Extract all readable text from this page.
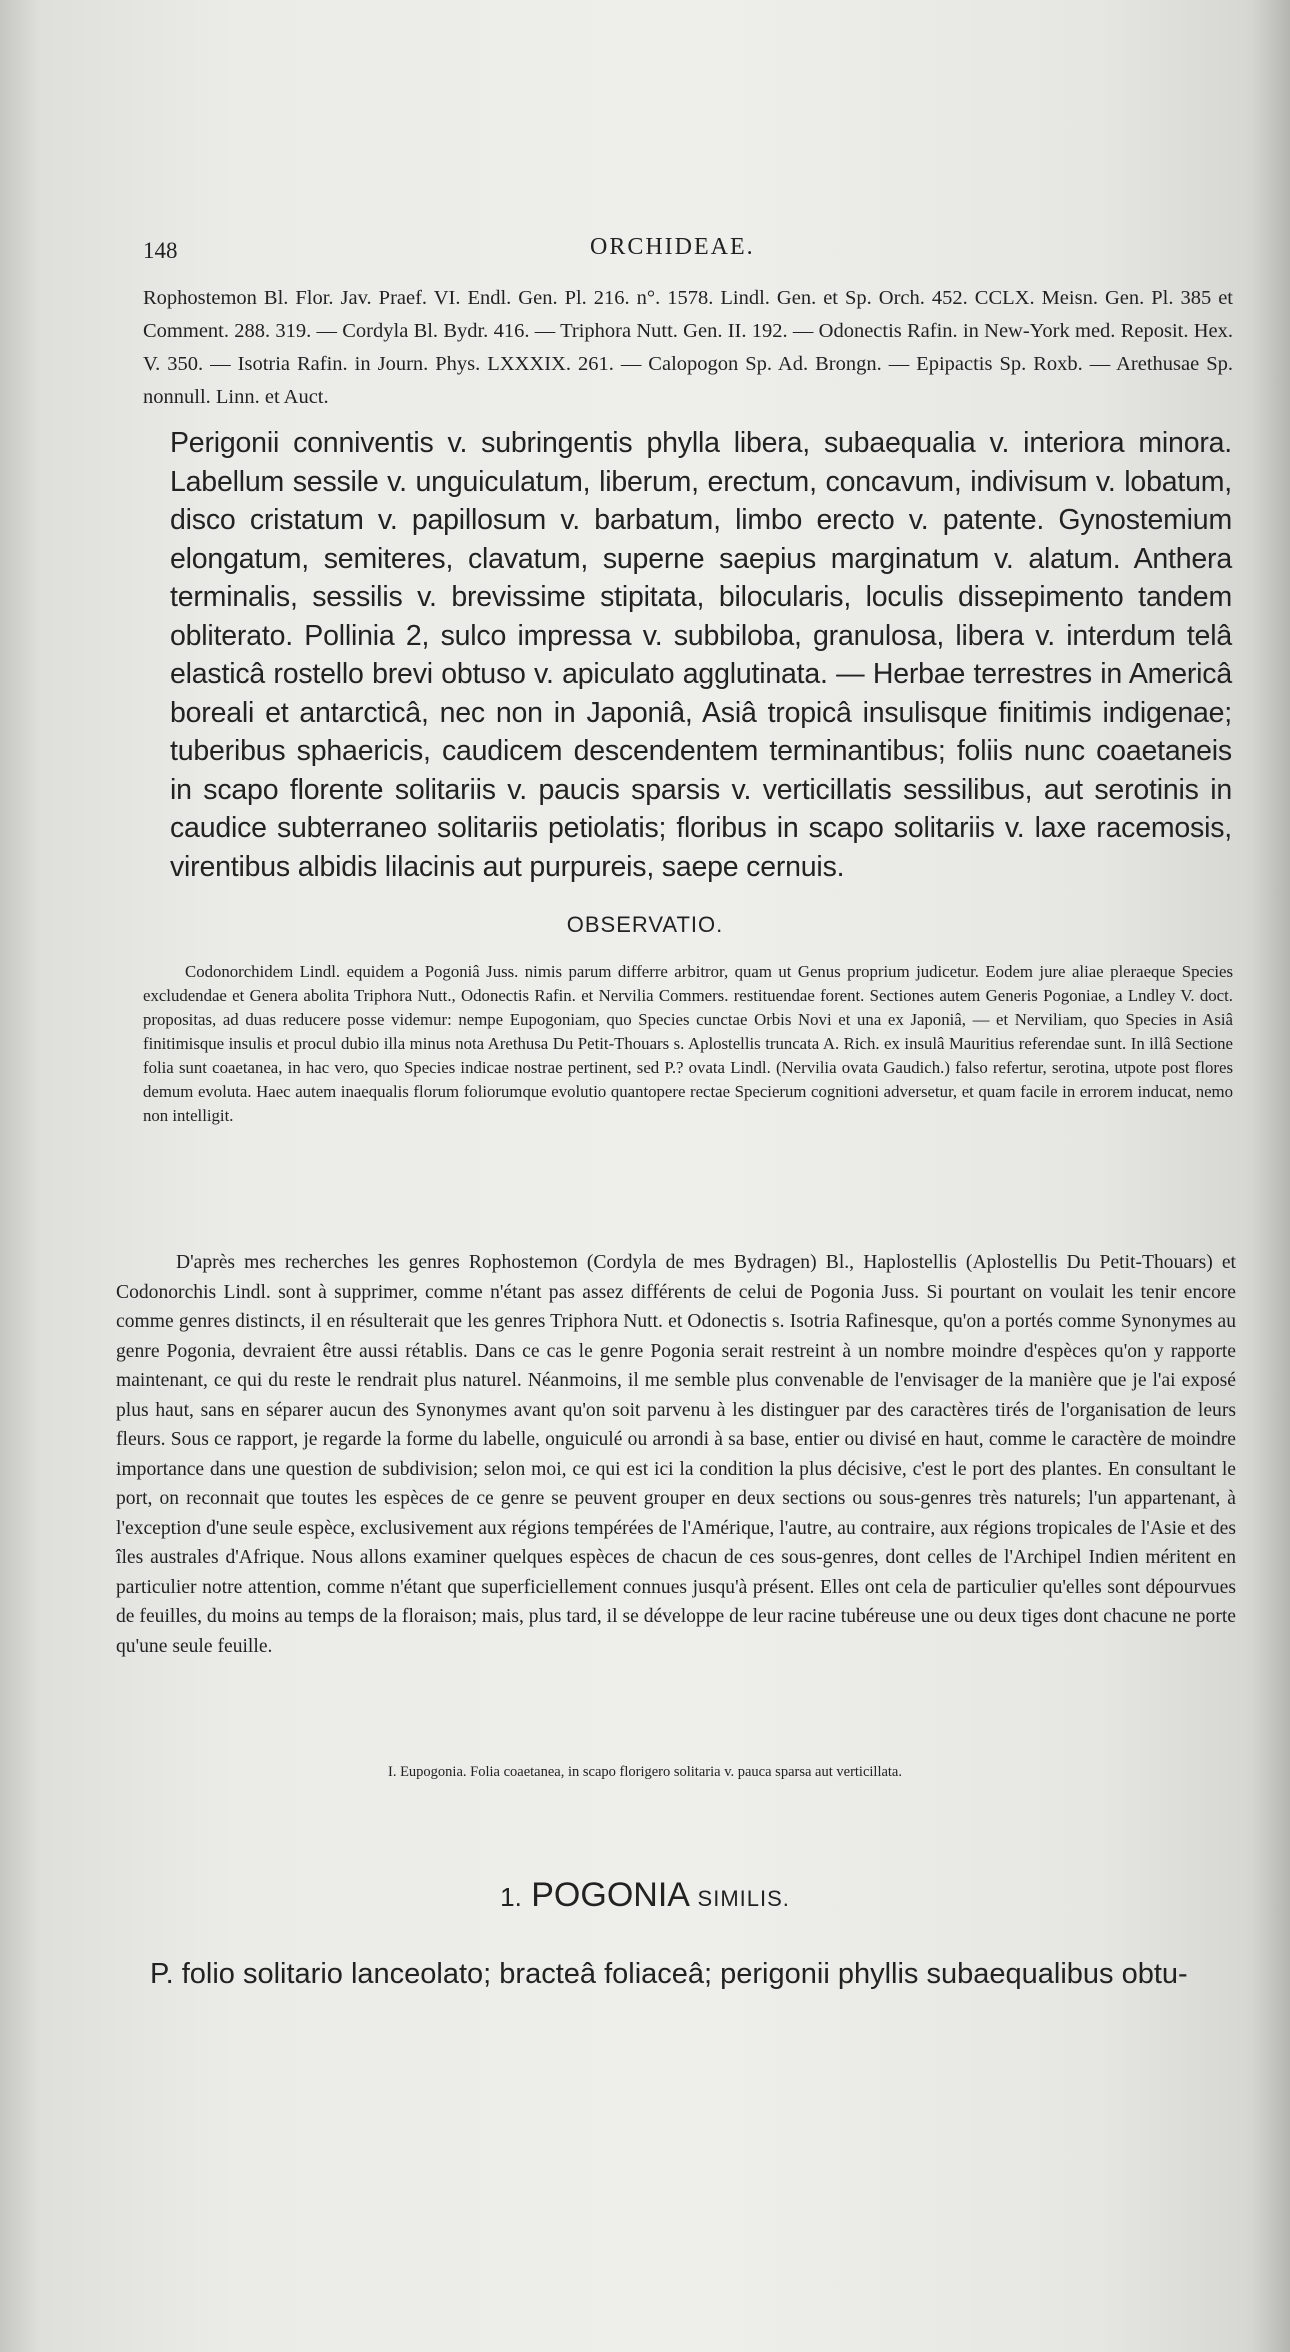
148	ORCHIDEAE.
Rophostemon Bl. Flor. Jav. Praef. VI. Endl. Gen. Pl. 216. n°. 1578. Lindl. Gen. et Sp. Orch. 452. CCLX. Meisn. Gen. Pl. 385 et Comment. 288. 319. — Cordyla Bl. Bydr. 416. — Triphora Nutt. Gen. II. 192. — Odonectis Rafin. in New-York med. Reposit. Hex. V. 350. — Isotria Rafin. in Journ. Phys. LXXXIX. 261. — Calopogon Sp. Ad. Brongn. — Epipactis Sp. Roxb. — Arethusae Sp. nonnull. Linn. et Auct.
Perigonii conniventis v. subringentis phylla libera, subaequalia v. interiora minora. Labellum sessile v. unguiculatum, liberum, erectum, concavum, indivisum v. lobatum, disco cristatum v. papillosum v. barbatum, limbo erecto v. patente. Gynostemium elongatum, semiteres, clavatum, superne saepius marginatum v. alatum. Anthera terminalis, sessilis v. brevissime stipitata, bilocularis, loculis dissepimento tandem obliterato. Pollinia 2, sulco impressa v. subbiloba, granulosa, libera v. interdum telâ elasticâ rostello brevi obtuso v. apiculato agglutinata. — Herbae terrestres in Americâ boreali et antarcticâ, nec non in Japoniâ, Asiâ tropicâ insulisque finitimis indigenae; tuberibus sphaericis, caudicem descendentem terminantibus; foliis nunc coaetaneis in scapo florente solitariis v. paucis sparsis v. verticillatis sessilibus, aut serotinis in caudice subterraneo solitariis petiolatis; floribus in scapo solitariis v. laxe racemosis, virentibus albidis lilacinis aut purpureis, saepe cernuis.
OBSERVATIO.
Codonorchidem Lindl. equidem a Pogoniâ Juss. nimis parum differre arbitror, quam ut Genus proprium judicetur. Eodem jure aliae pleraeque Species excludendae et Genera abolita Triphora Nutt., Odonectis Rafin. et Nervilia Commers. restituendae forent. Sectiones autem Generis Pogoniae, a Lndley V. doct. propositas, ad duas reducere posse videmur: nempe Eupogoniam, quo Species cunctae Orbis Novi et una ex Japoniâ, — et Nerviliam, quo Species in Asiâ finitimisque insulis et procul dubio illa minus nota Arethusa Du Petit-Thouars s. Aplostellis truncata A. Rich. ex insulâ Mauritius referendae sunt. In illâ Sectione folia sunt coaetanea, in hac vero, quo Species indicae nostrae pertinent, sed P.? ovata Lindl. (Nervilia ovata Gaudich.) falso refertur, serotina, utpote post flores demum evoluta. Haec autem inaequalis florum foliorumque evolutio quantopere rectae Specierum cognitioni adversetur, et quam facile in errorem inducat, nemo non intelligit.
D'après mes recherches les genres Rophostemon (Cordyla de mes Bydragen) Bl., Haplostellis (Aplostellis Du Petit-Thouars) et Codonorchis Lindl. sont à supprimer, comme n'étant pas assez différents de celui de Pogonia Juss. Si pourtant on voulait les tenir encore comme genres distincts, il en résulterait que les genres Triphora Nutt. et Odonectis s. Isotria Rafinesque, qu'on a portés comme Synonymes au genre Pogonia, devraient être aussi rétablis. Dans ce cas le genre Pogonia serait restreint à un nombre moindre d'espèces qu'on y rapporte maintenant, ce qui du reste le rendrait plus naturel. Néanmoins, il me semble plus convenable de l'envisager de la manière que je l'ai exposé plus haut, sans en séparer aucun des Synonymes avant qu'on soit parvenu à les distinguer par des caractères tirés de l'organisation de leurs fleurs. Sous ce rapport, je regarde la forme du labelle, onguiculé ou arrondi à sa base, entier ou divisé en haut, comme le caractère de moindre importance dans une question de subdivision; selon moi, ce qui est ici la condition la plus décisive, c'est le port des plantes. En consultant le port, on reconnait que toutes les espèces de ce genre se peuvent grouper en deux sections ou sous-genres très naturels; l'un appartenant, à l'exception d'une seule espèce, exclusivement aux régions tempérées de l'Amérique, l'autre, au contraire, aux régions tropicales de l'Asie et des îles australes d'Afrique. Nous allons examiner quelques espèces de chacun de ces sous-genres, dont celles de l'Archipel Indien méritent en particulier notre attention, comme n'étant que superficiellement connues jusqu'à présent. Elles ont cela de particulier qu'elles sont dépourvues de feuilles, du moins au temps de la floraison; mais, plus tard, il se développe de leur racine tubéreuse une ou deux tiges dont chacune ne porte qu'une seule feuille.
I. Eupogonia. Folia coaetanea, in scapo florigero solitaria v. pauca sparsa aut verticillata.
1. POGONIA SIMILIS.
P. folio solitario lanceolato; bracteâ foliaceâ; perigonii phyllis subaequalibus obtu-
